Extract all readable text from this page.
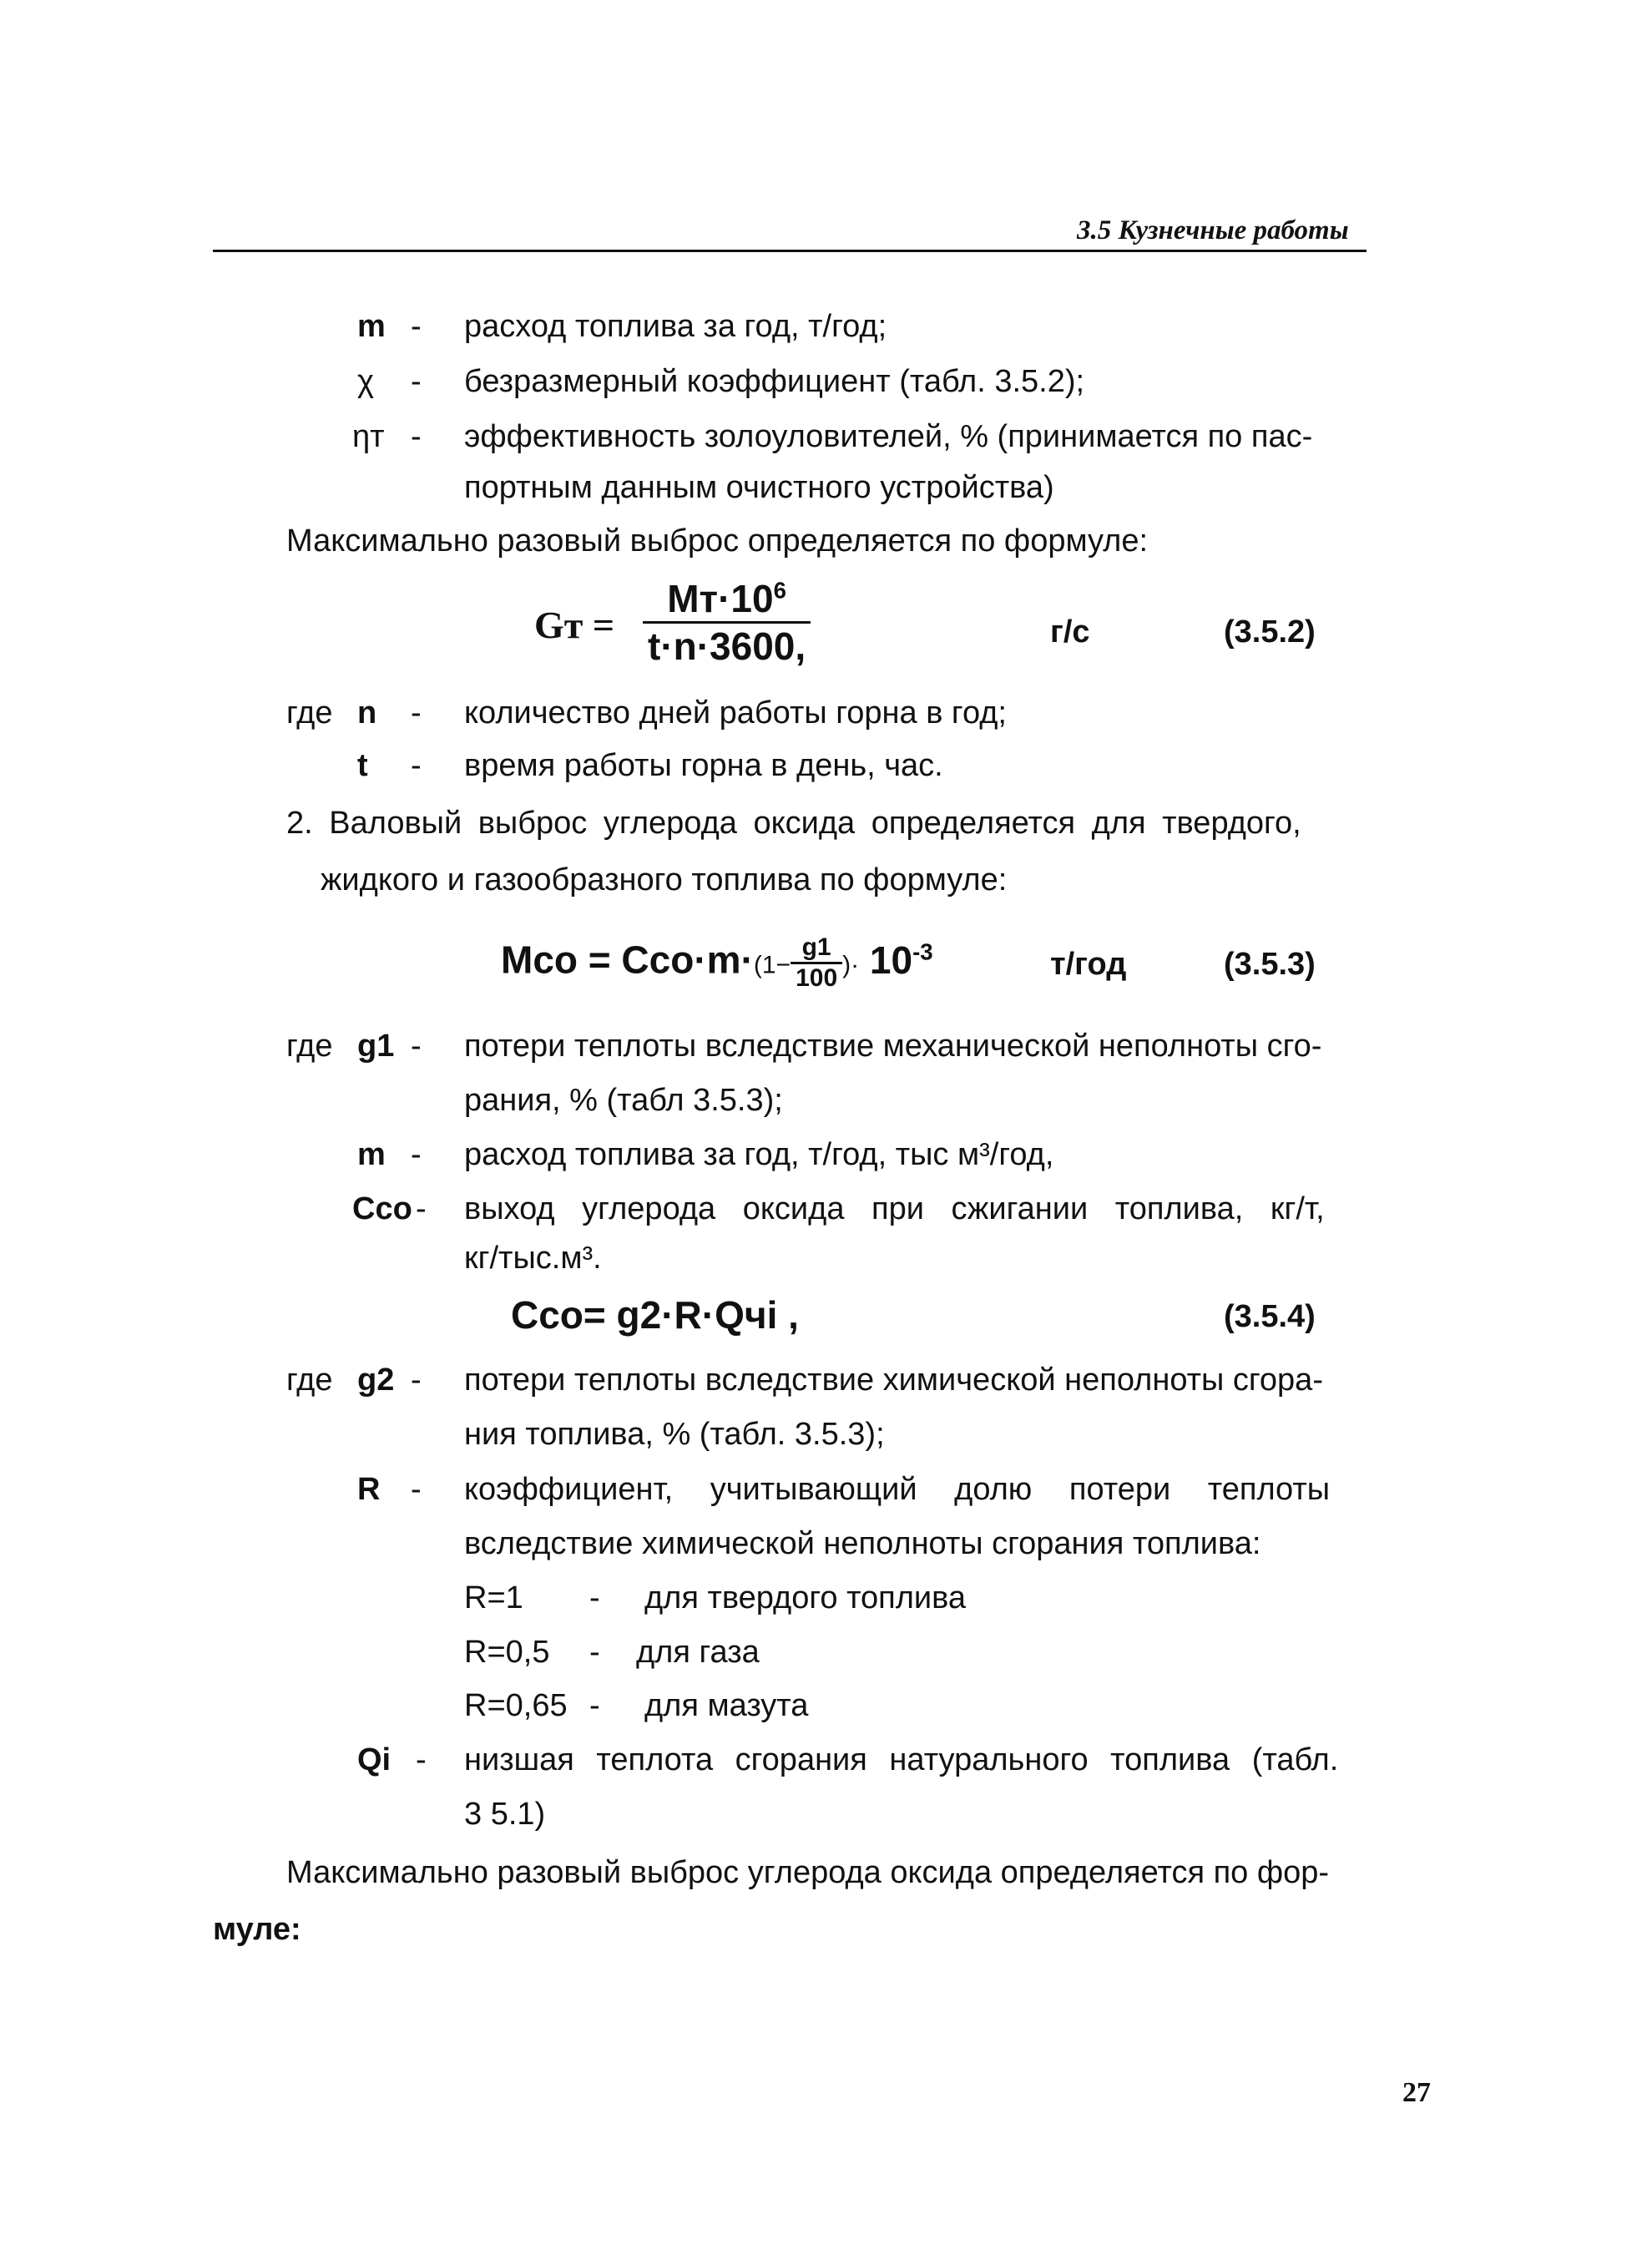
3.5 Кузнечные работы
m - расход топлива за год, т/год;
χ - безразмерный коэффициент (табл. 3.5.2);
ηт - эффективность золоуловителей, % (принимается по пас-
портным данным очистного устройства)
Максимально разовый выброс определяется по формуле:
Gт = $\frac{Mт\cdot 10^6}{t\cdot n\cdot 3600,}$	г/с	(3.5.2)
где n - количество дней работы горна в год;
t - время работы горна в день, час.
2. Валовый выброс углерода оксида определяется для твердого,
жидкого и газообразного топлива по формуле:
Mco = $Cco\cdot m\cdot(1- \frac{g1}{100}$ )· $10^{-3}$	т/год	(3.5.3)
где g1 - потери теплоты вследствие механической неполноты сго-
рания, % (табл 3.5.3);
m - расход топлива за год, т/год, тыс м³/год,
Cco - выход углерода оксида при сжигании топлива, кг/т,
кг/тыс.м³.
Cco= g2·R·Qчi ,	(3.5.4)
где g2 - потери теплоты вследствие химической неполноты сгора-
ния топлива, % (табл. 3.5.3);
R - коэффициент, учитывающий долю потери теплоты
вследствие химической неполноты сгорания топлива:
R=1 - для твердого топлива
R=0,5 - для газа
R=0,65 - для мазута
Qi - низшая теплота сгорания натурального топлива (табл.
3 5.1)
Максимально разовый выброс углерода оксида определяется по фор-
муле:
27
